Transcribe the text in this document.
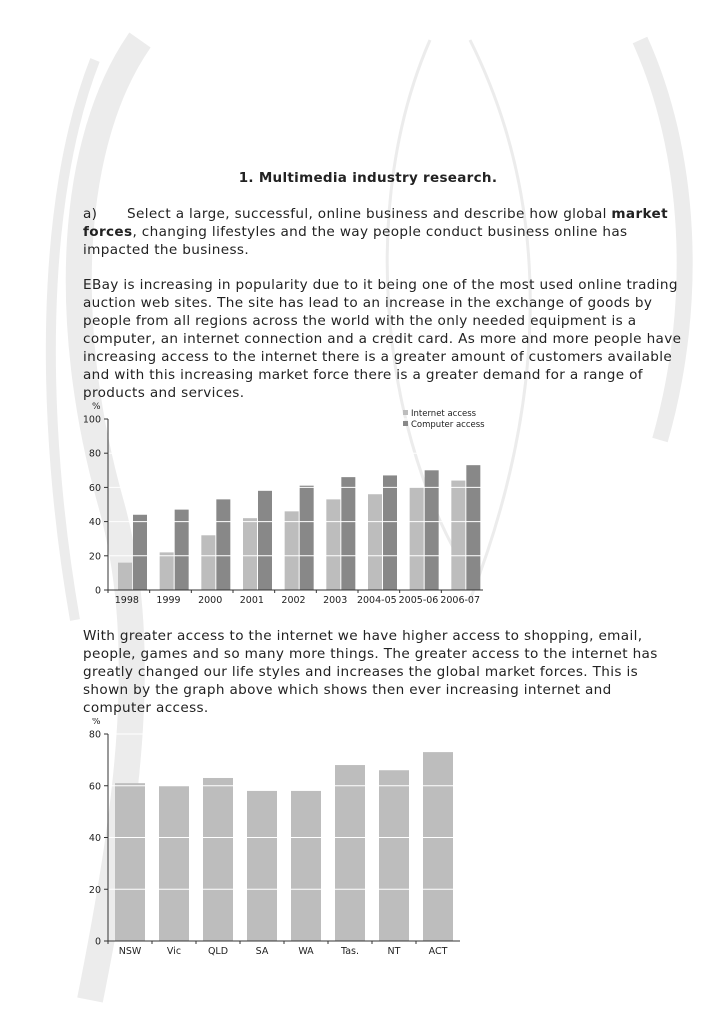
1. Multimedia industry research.

a) Select a large, successful, online business and describe how global market forces, changing lifestyles and the way people conduct business online has impacted the business.

EBay is increasing in popularity due to it being one of the most used online trading auction web sites. The site has lead to an increase in the exchange of goods by people from all regions across the world with the only needed equipment is a computer, an internet connection and a credit card. As more and more people have increasing access to the internet there is a greater amount of customers available and with this increasing market force there is a greater demand for a range of products and services.

%
0
20
40
60
80
100
1998 1999 2000 2001 2002 2003 2004-05 2005-06 2006-07
Internet access
Computer access

With greater access to the internet we have higher access to shopping, email, people, games and so many more things. The greater access to the internet has greatly changed our life styles and increases the global market forces. This is shown by the graph above which shows then ever increasing internet and computer access.

%
0
20
40
60
80
NSW	Vic	QLD	SA	WA	Tas.	NT	ACT
